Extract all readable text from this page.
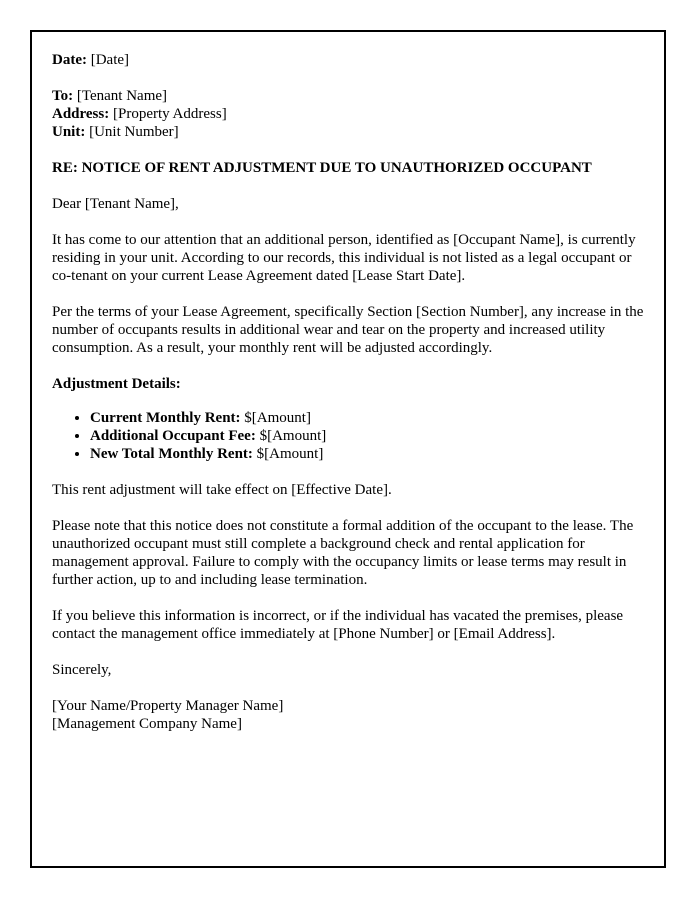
Date: [Date]
To: [Tenant Name]
Address: [Property Address]
Unit: [Unit Number]

RE: NOTICE OF RENT ADJUSTMENT DUE TO UNAUTHORIZED OCCUPANT

Dear [Tenant Name],

It has come to our attention that an additional person, identified as [Occupant Name], is currently residing in your unit. According to our records, this individual is not listed as a legal occupant or co-tenant on your current Lease Agreement dated [Lease Start Date].

Per the terms of your Lease Agreement, specifically Section [Section Number], any increase in the number of occupants results in additional wear and tear on the property and increased utility consumption. As a result, your monthly rent will be adjusted accordingly.

Adjustment Details:

• Current Monthly Rent: $[Amount]
• Additional Occupant Fee: $[Amount]
• New Total Monthly Rent: $[Amount]

This rent adjustment will take effect on [Effective Date].

Please note that this notice does not constitute a formal addition of the occupant to the lease. The unauthorized occupant must still complete a background check and rental application for management approval. Failure to comply with the occupancy limits or lease terms may result in further action, up to and including lease termination.

If you believe this information is incorrect, or if the individual has vacated the premises, please contact the management office immediately at [Phone Number] or [Email Address].

Sincerely,

[Your Name/Property Manager Name]
[Management Company Name]
